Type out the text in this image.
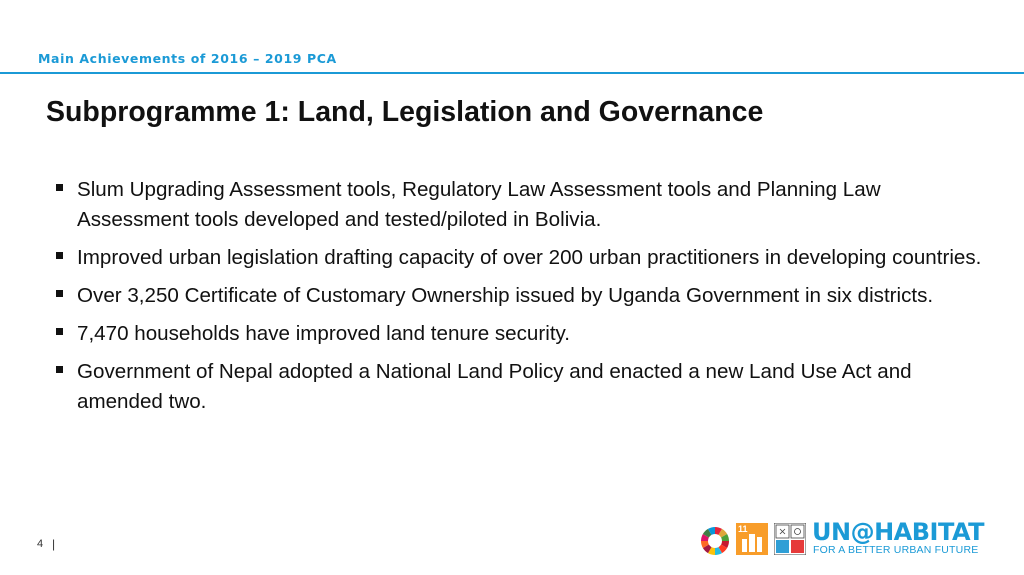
Main Achievements of 2016 – 2019 PCA
Subprogramme 1: Land, Legislation and Governance
Slum Upgrading Assessment tools, Regulatory Law Assessment tools and Planning Law Assessment tools developed and tested/piloted in Bolivia.
Improved urban legislation drafting capacity of over 200 urban practitioners in developing countries.
Over 3,250 Certificate of Customary Ownership issued by Uganda Government in six districts.
7,470 households have improved land tenure security.
Government of Nepal adopted a National Land Policy and enacted a new Land Use Act and amended two.
4 |
11	UN@HABITAT
FOR A BETTER URBAN FUTURE
